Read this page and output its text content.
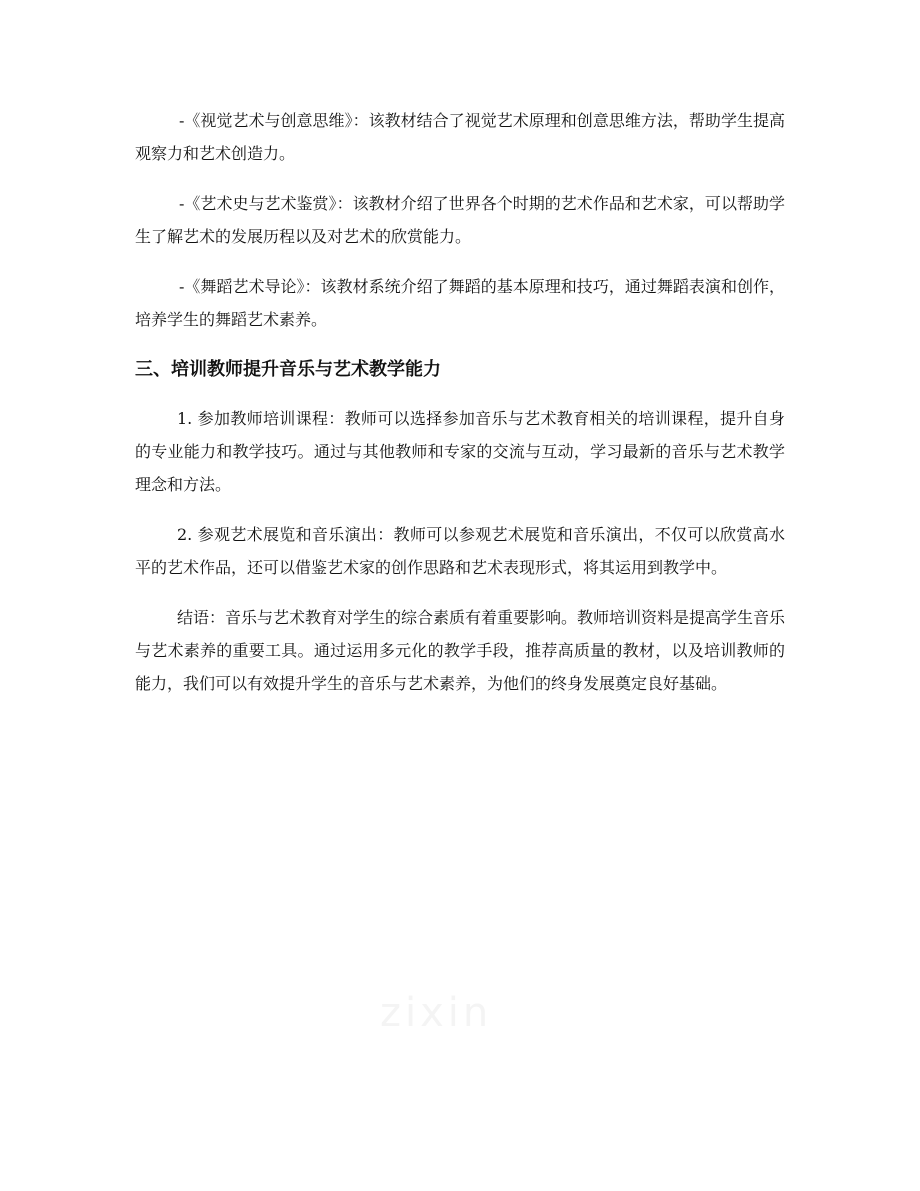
-《视觉艺术与创意思维》：该教材结合了视觉艺术原理和创意思维方法，帮助学生提高观察力和艺术创造力。

-《艺术史与艺术鉴赏》：该教材介绍了世界各个时期的艺术作品和艺术家，可以帮助学生了解艺术的发展历程以及对艺术的欣赏能力。

-《舞蹈艺术导论》：该教材系统介绍了舞蹈的基本原理和技巧，通过舞蹈表演和创作，培养学生的舞蹈艺术素养。

三、培训教师提升音乐与艺术教学能力

1. 参加教师培训课程：教师可以选择参加音乐与艺术教育相关的培训课程，提升自身的专业能力和教学技巧。通过与其他教师和专家的交流与互动，学习最新的音乐与艺术教学理念和方法。

2. 参观艺术展览和音乐演出：教师可以参观艺术展览和音乐演出，不仅可以欣赏高水平的艺术作品，还可以借鉴艺术家的创作思路和艺术表现形式，将其运用到教学中。

结语：音乐与艺术教育对学生的综合素质有着重要影响。教师培训资料是提高学生音乐与艺术素养的重要工具。通过运用多元化的教学手段，推荐高质量的教材，以及培训教师的能力，我们可以有效提升学生的音乐与艺术素养，为他们的终身发展奠定良好基础。

zixin
